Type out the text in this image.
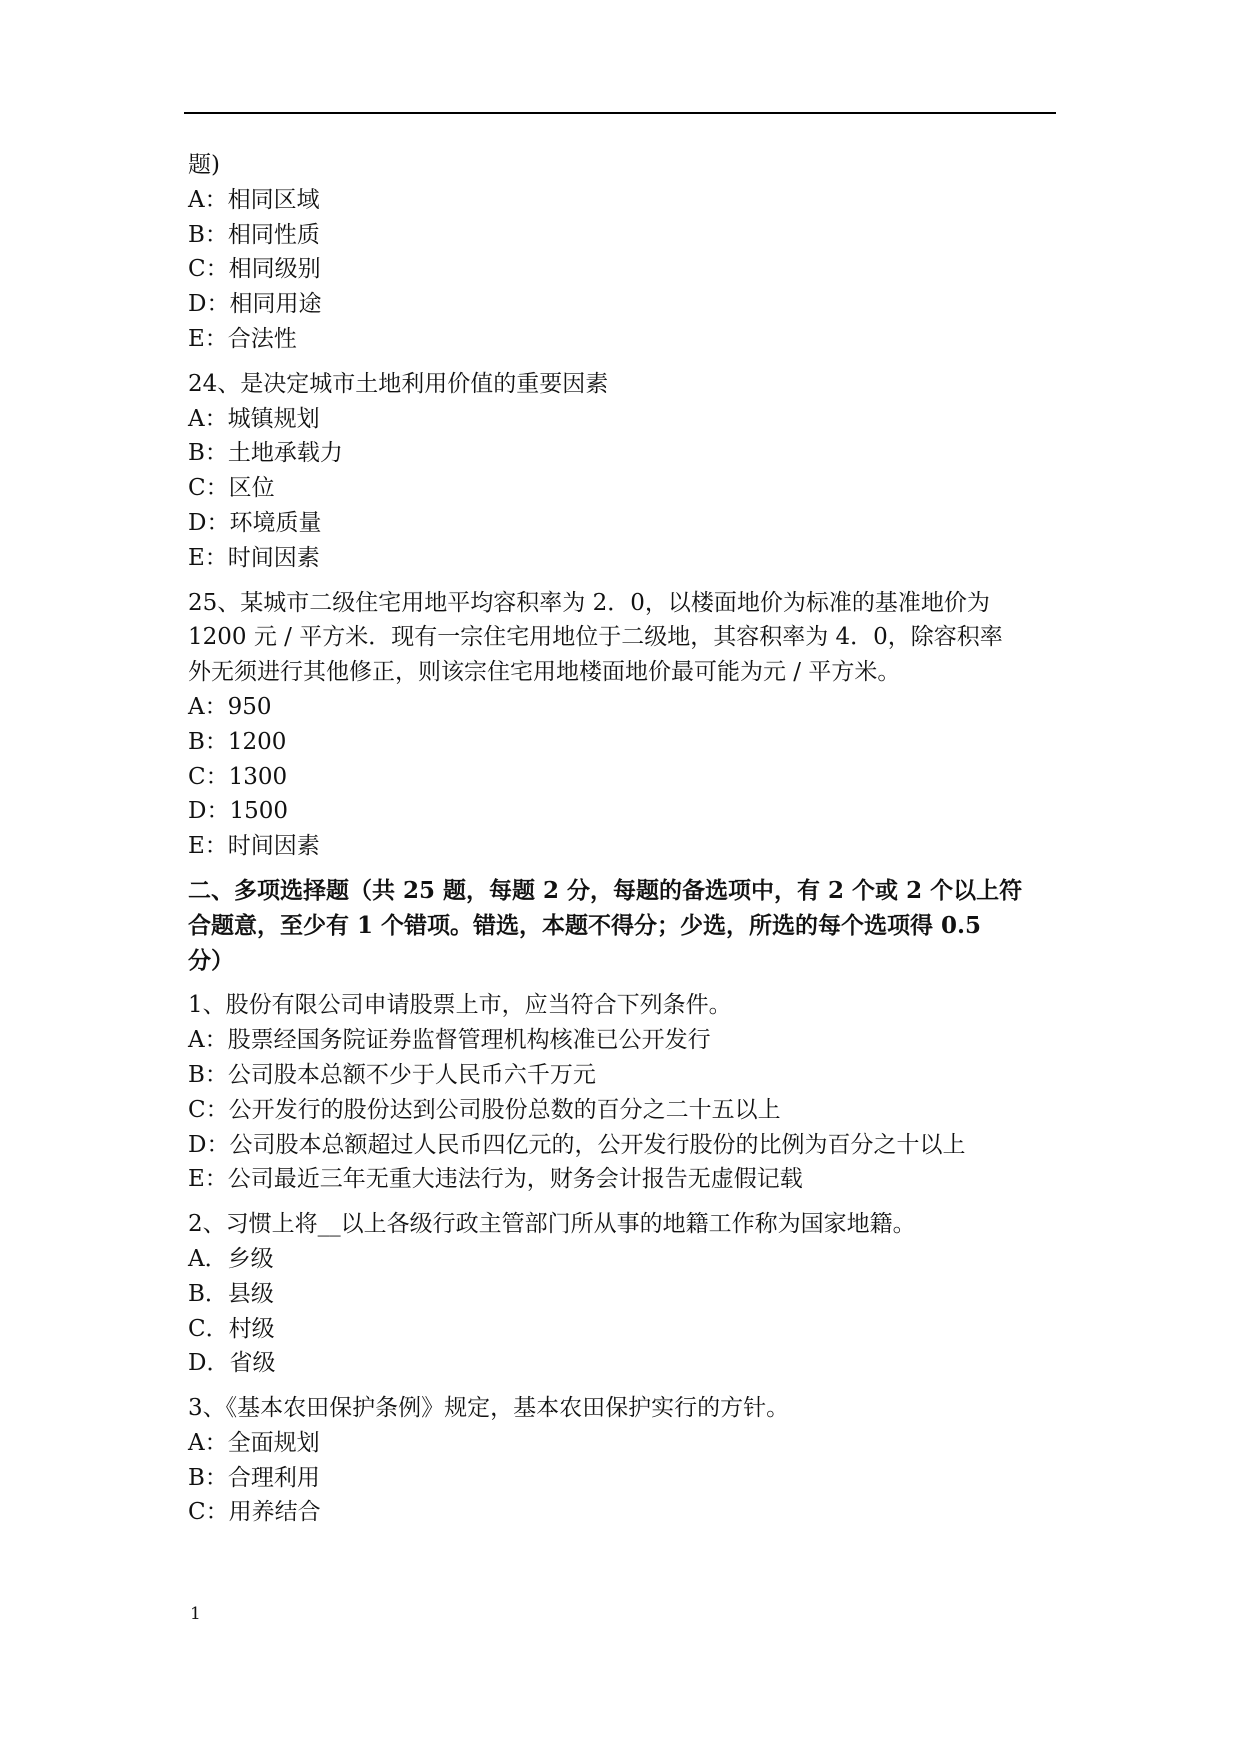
题)

A：相同区域

B：相同性质

C：相同级别

D：相同用途

E：合法性

24、是决定城市土地利用价值的重要因素

A：城镇规划

B：土地承载力

C：区位

D：环境质量

E：时间因素

25、某城市二级住宅用地平均容积率为 2．0，以楼面地价为标准的基准地价为

1200 元 / 平方米．现有一宗住宅用地位于二级地，其容积率为 4．0，除容积率

外无须进行其他修正，则该宗住宅用地楼面地价最可能为元 / 平方米。

A：950

B：1200

C：1300

D：1500

E：时间因素

二、多项选择题（共 25 题，每题 2 分，每题的备选项中，有 2 个或 2 个以上符

合题意，至少有 1 个错项。错选，本题不得分；少选，所选的每个选项得 0.5

分）

1、股份有限公司申请股票上市，应当符合下列条件。

A：股票经国务院证券监督管理机构核准已公开发行

B：公司股本总额不少于人民币六千万元

C：公开发行的股份达到公司股份总数的百分之二十五以上

D：公司股本总额超过人民币四亿元的，公开发行股份的比例为百分之十以上

E：公司最近三年无重大违法行为，财务会计报告无虚假记载

2、习惯上将__以上各级行政主管部门所从事的地籍工作称为国家地籍。

A．乡级

B．县级

C．村级

D．省级

3、《基本农田保护条例》规定，基本农田保护实行的方针。

A：全面规划

B：合理利用

C：用养结合

1
